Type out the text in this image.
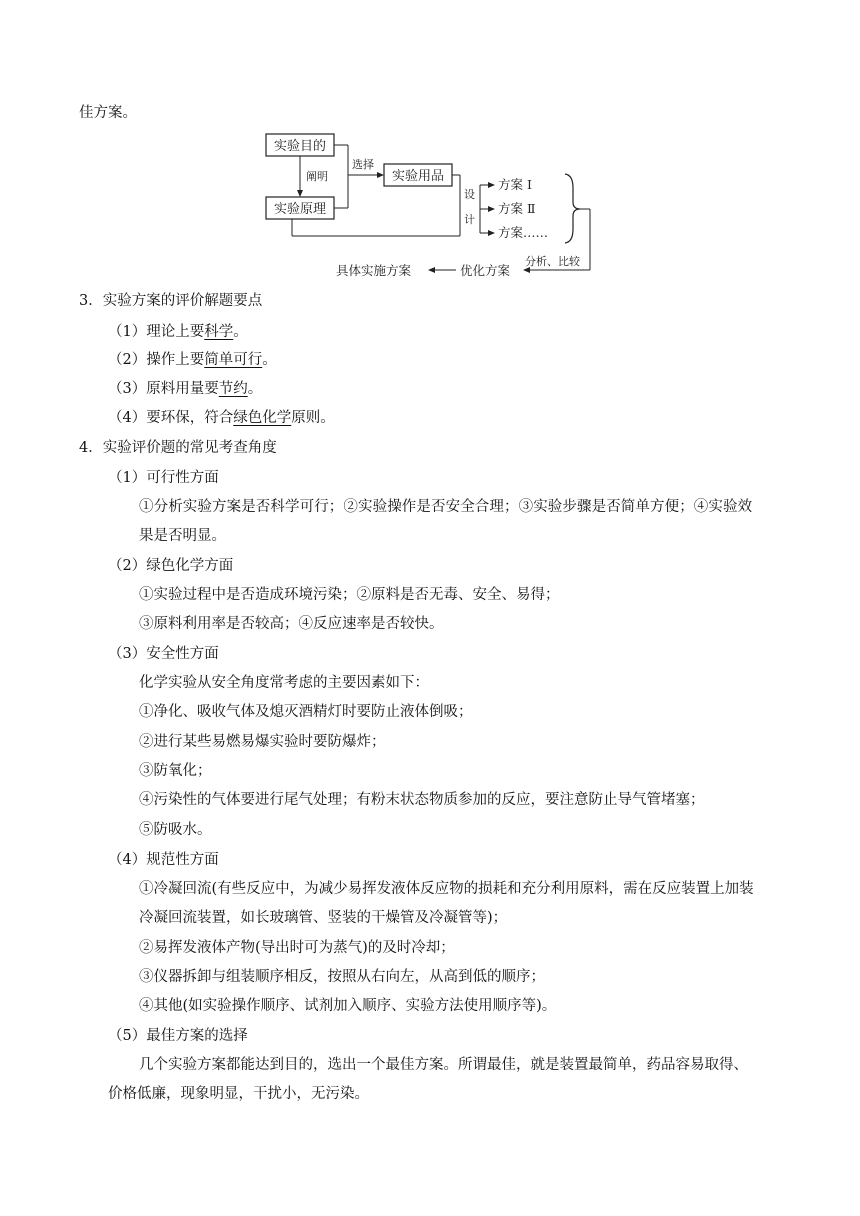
佳方案。
实验目的
实验原理
实验用品
阐明
选择
设
计
方案 Ⅰ
方案 Ⅱ
方案……
分析、比较
优化方案
具体实施方案
3．实验方案的评价解题要点
（1）理论上要科学。
（2）操作上要简单可行。
（3）原料用量要节约。
（4）要环保，符合绿色化学原则。
4．实验评价题的常见考查角度
（1）可行性方面
①分析实验方案是否科学可行；②实验操作是否安全合理；③实验步骤是否简单方便；④实验效
果是否明显。
（2）绿色化学方面
①实验过程中是否造成环境污染；②原料是否无毒、安全、易得；
③原料利用率是否较高；④反应速率是否较快。
（3）安全性方面
化学实验从安全角度常考虑的主要因素如下：
①净化、吸收气体及熄灭酒精灯时要防止液体倒吸；
②进行某些易燃易爆实验时要防爆炸；
③防氧化；
④污染性的气体要进行尾气处理；有粉末状态物质参加的反应，要注意防止导气管堵塞；
⑤防吸水。
（4）规范性方面
①冷凝回流(有些反应中，为减少易挥发液体反应物的损耗和充分利用原料，需在反应装置上加装
冷凝回流装置，如长玻璃管、竖装的干燥管及冷凝管等)；
②易挥发液体产物(导出时可为蒸气)的及时冷却；
③仪器拆卸与组装顺序相反，按照从右向左，从高到低的顺序；
④其他(如实验操作顺序、试剂加入顺序、实验方法使用顺序等)。
（5）最佳方案的选择
几个实验方案都能达到目的，选出一个最佳方案。所谓最佳，就是装置最简单，药品容易取得、
价格低廉，现象明显，干扰小，无污染。
